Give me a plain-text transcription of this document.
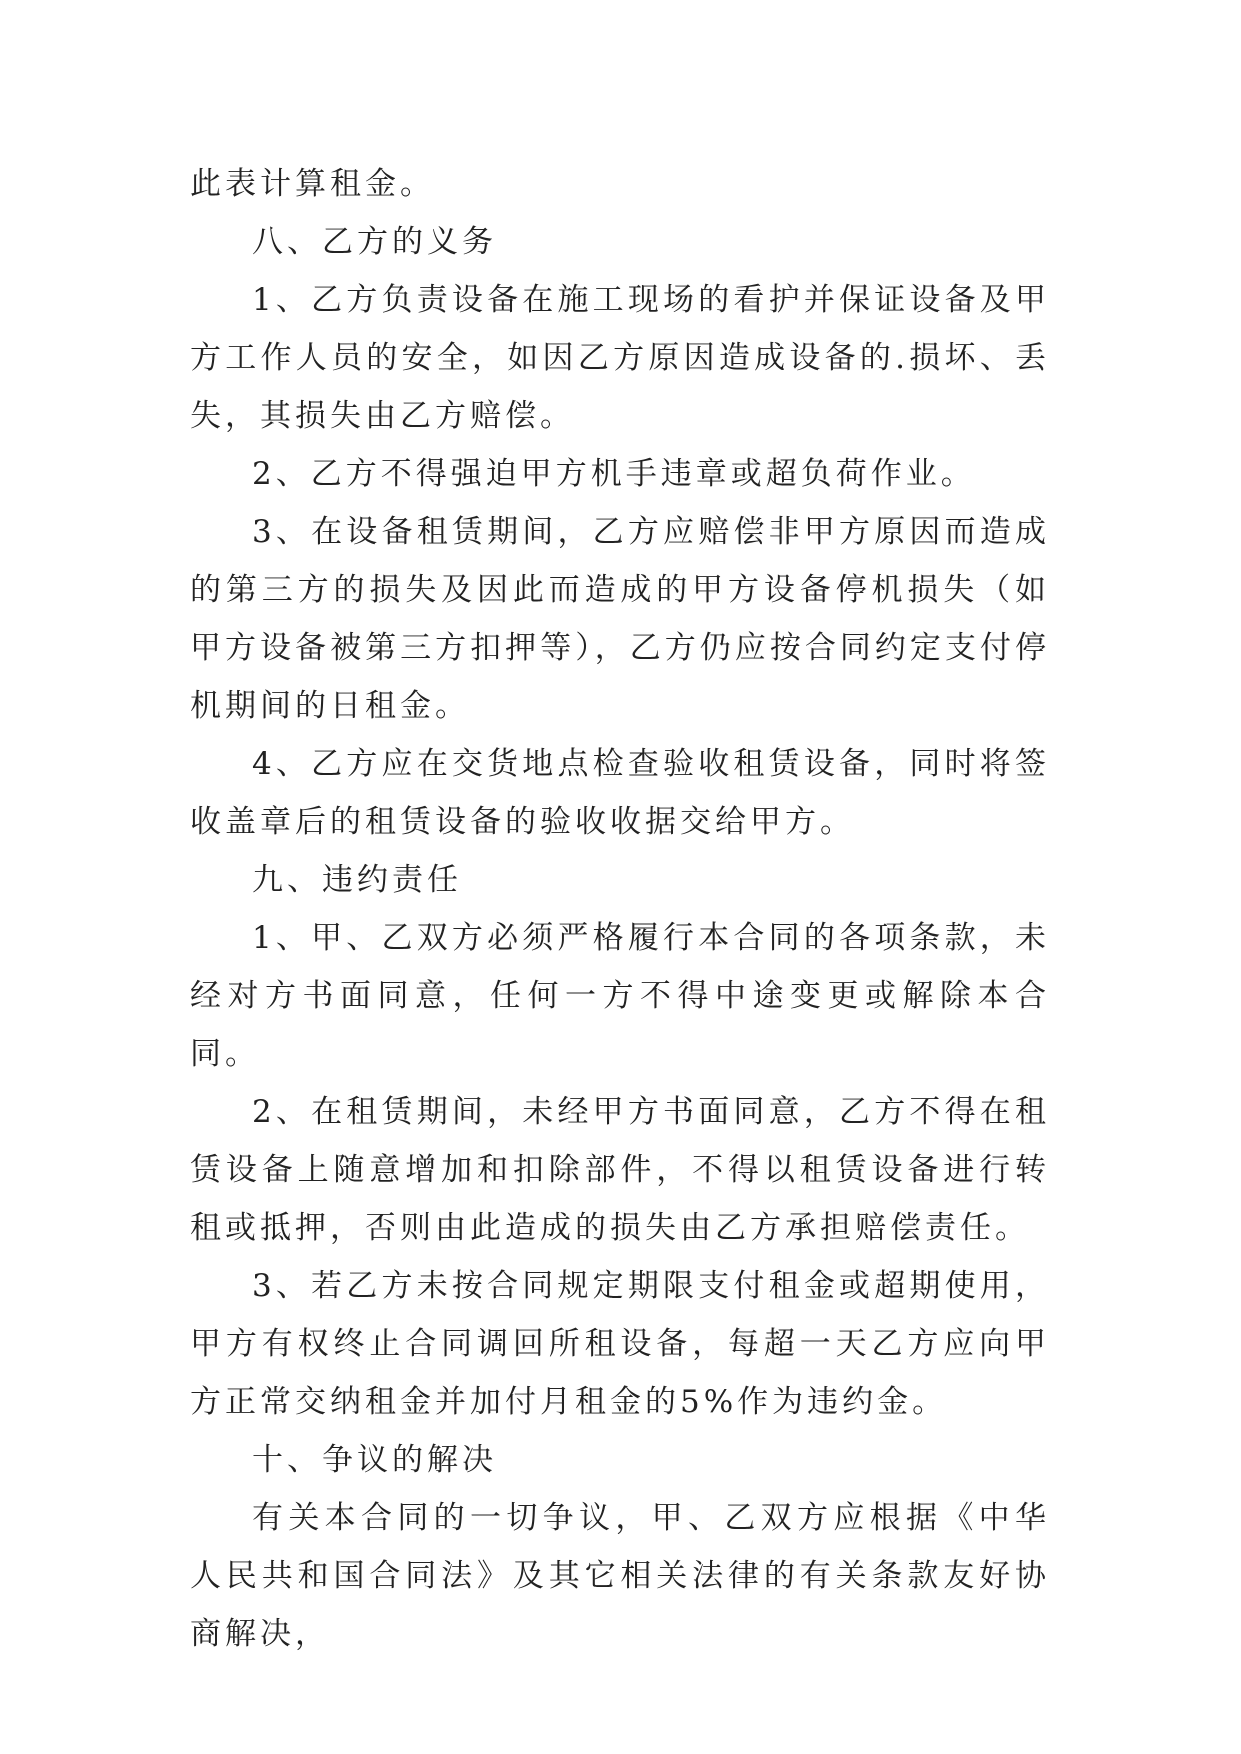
此表计算租金。

八、乙方的义务

1、乙方负责设备在施工现场的看护并保证设备及甲方工作人员的安全，如因乙方原因造成设备的.损坏、丢失，其损失由乙方赔偿。

2、乙方不得强迫甲方机手违章或超负荷作业。

3、在设备租赁期间，乙方应赔偿非甲方原因而造成的第三方的损失及因此而造成的甲方设备停机损失（如甲方设备被第三方扣押等），乙方仍应按合同约定支付停机期间的日租金。

4、乙方应在交货地点检查验收租赁设备，同时将签收盖章后的租赁设备的验收收据交给甲方。

九、违约责任

1、甲、乙双方必须严格履行本合同的各项条款，未经对方书面同意，任何一方不得中途变更或解除本合同。

2、在租赁期间，未经甲方书面同意，乙方不得在租赁设备上随意增加和扣除部件，不得以租赁设备进行转租或抵押，否则由此造成的损失由乙方承担赔偿责任。

3、若乙方未按合同规定期限支付租金或超期使用，甲方有权终止合同调回所租设备，每超一天乙方应向甲方正常交纳租金并加付月租金的5%作为违约金。

十、争议的解决

有关本合同的一切争议，甲、乙双方应根据《中华人民共和国合同法》及其它相关法律的有关条款友好协商解决，
